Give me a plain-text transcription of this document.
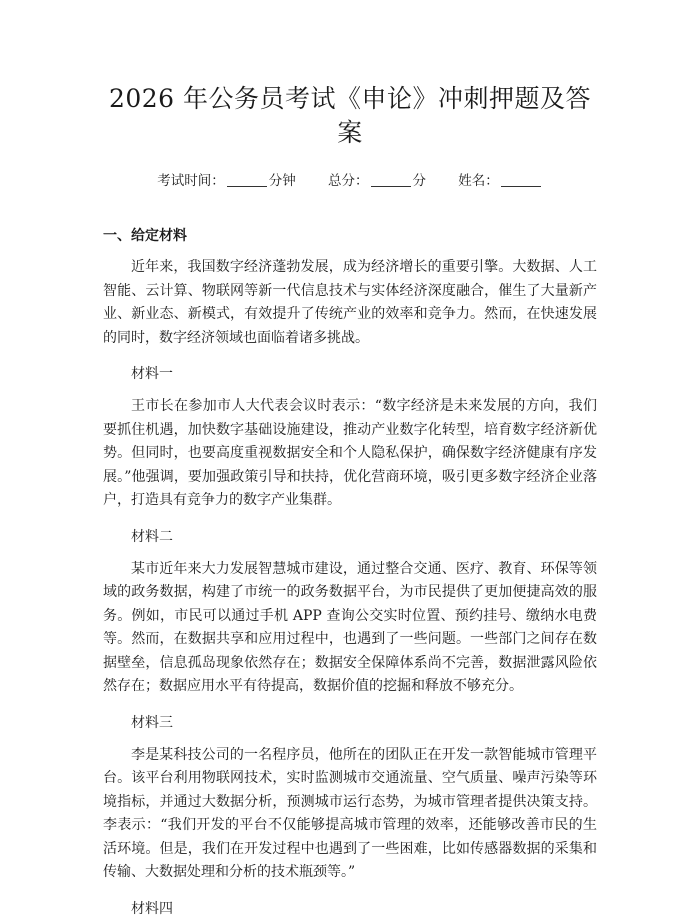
2026 年公务员考试《申论》冲刺押题及答案
考试时间：	分钟 总分：	分 姓名：
一、给定材料

近年来，我国数字经济蓬勃发展，成为经济增长的重要引擎。大数据、人工智能、云计算、物联网等新一代信息技术与实体经济深度融合，催生了大量新产业、新业态、新模式，有效提升了传统产业的效率和竞争力。然而，在快速发展的同时，数字经济领域也面临着诸多挑战。

材料一

王市长在参加市人大代表会议时表示：“数字经济是未来发展的方向，我们要抓住机遇，加快数字基础设施建设，推动产业数字化转型，培育数字经济新优势。但同时，也要高度重视数据安全和个人隐私保护，确保数字经济健康有序发展。”他强调，要加强政策引导和扶持，优化营商环境，吸引更多数字经济企业落户，打造具有竞争力的数字产业集群。

材料二

某市近年来大力发展智慧城市建设，通过整合交通、医疗、教育、环保等领域的政务数据，构建了市统一的政务数据平台，为市民提供了更加便捷高效的服务。例如，市民可以通过手机 APP 查询公交实时位置、预约挂号、缴纳水电费等。然而，在数据共享和应用过程中，也遇到了一些问题。一些部门之间存在数据壁垒，信息孤岛现象依然存在；数据安全保障体系尚不完善，数据泄露风险依然存在；数据应用水平有待提高，数据价值的挖掘和释放不够充分。

材料三

李是某科技公司的一名程序员，他所在的团队正在开发一款智能城市管理平台。该平台利用物联网技术，实时监测城市交通流量、空气质量、噪声污染等环境指标，并通过大数据分析，预测城市运行态势，为城市管理者提供决策支持。李表示：“我们开发的平台不仅能够提高城市管理的效率，还能够改善市民的生活环境。但是，我们在开发过程中也遇到了一些困难，比如传感器数据的采集和传输、大数据处理和分析的技术瓶颈等。”

材料四
